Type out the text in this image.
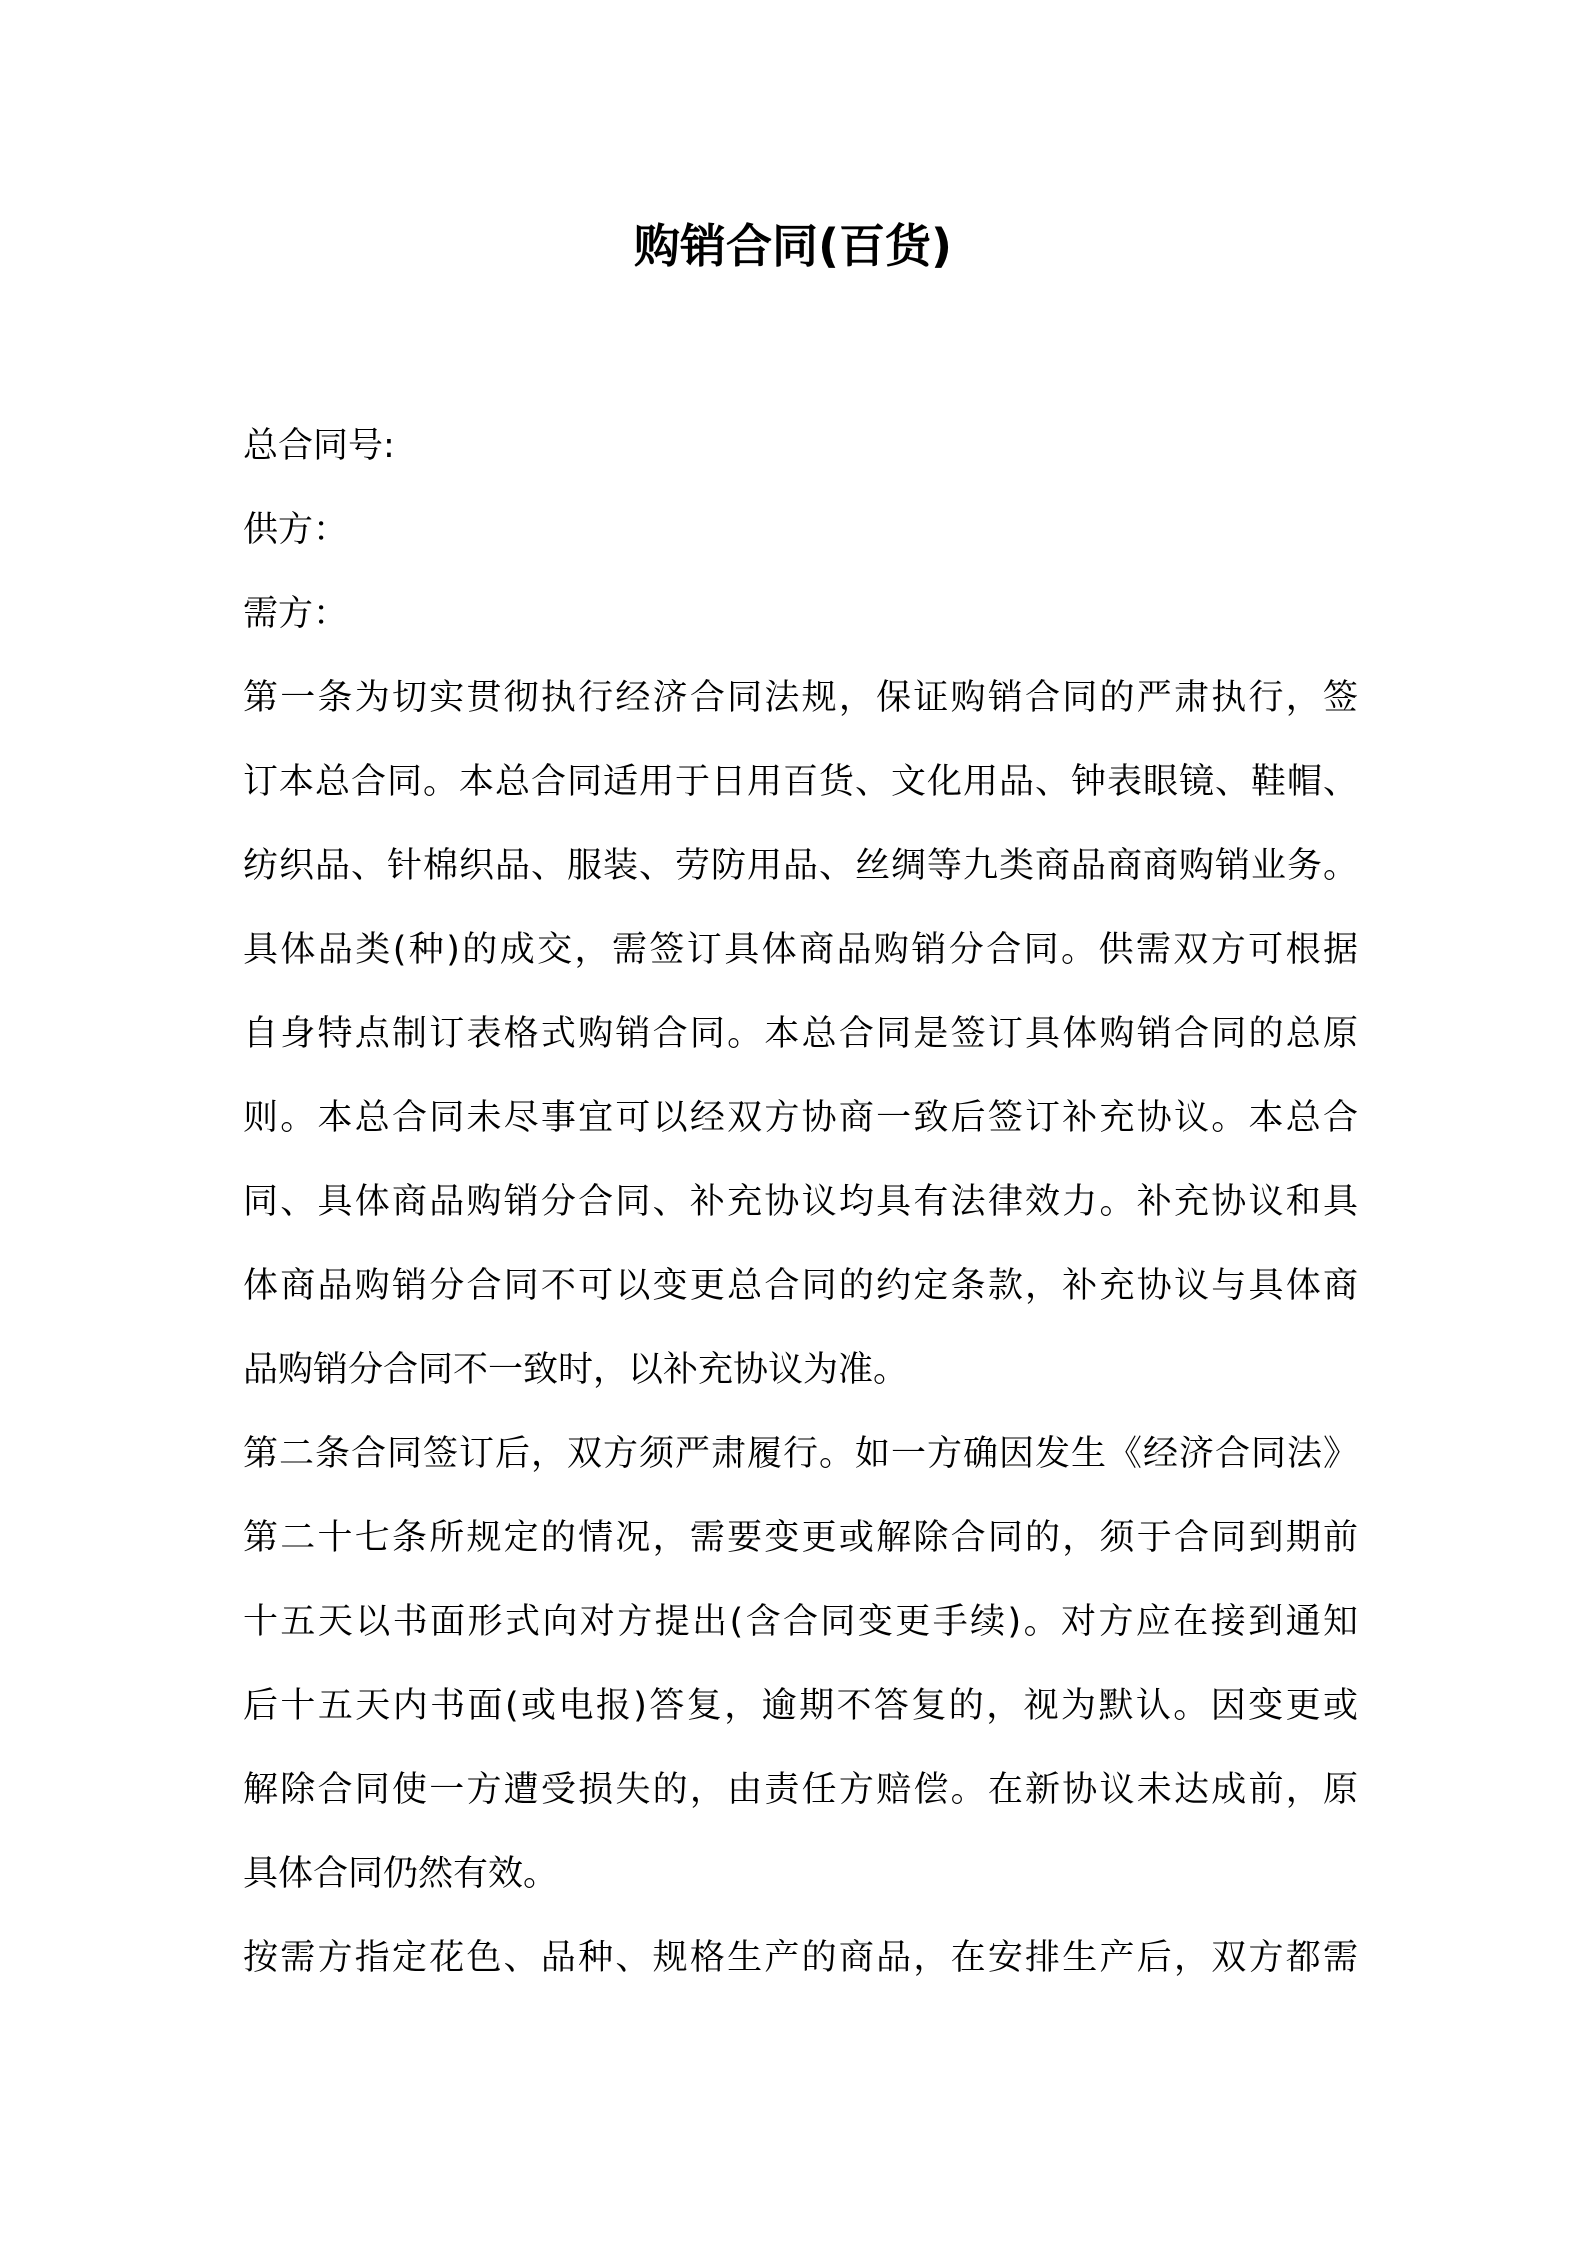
购销合同(百货)
总合同号:
供方：
需方：
第一条为切实贯彻执行经济合同法规，保证购销合同的严肃执行，签
订本总合同。本总合同适用于日用百货、文化用品、钟表眼镜、鞋帽、
纺织品、针棉织品、服装、劳防用品、丝绸等九类商品商商购销业务。
具体品类(种)的成交，需签订具体商品购销分合同。供需双方可根据
自身特点制订表格式购销合同。本总合同是签订具体购销合同的总原
则。本总合同未尽事宜可以经双方协商一致后签订补充协议。本总合
同、具体商品购销分合同、补充协议均具有法律效力。补充协议和具
体商品购销分合同不可以变更总合同的约定条款，补充协议与具体商
品购销分合同不一致时，以补充协议为准。
第二条合同签订后，双方须严肃履行。如一方确因发生《经济合同法》
第二十七条所规定的情况，需要变更或解除合同的，须于合同到期前
十五天以书面形式向对方提出(含合同变更手续)。对方应在接到通知
后十五天内书面(或电报)答复，逾期不答复的，视为默认。因变更或
解除合同使一方遭受损失的，由责任方赔偿。在新协议未达成前，原
具体合同仍然有效。
按需方指定花色、品种、规格生产的商品，在安排生产后，双方都需
